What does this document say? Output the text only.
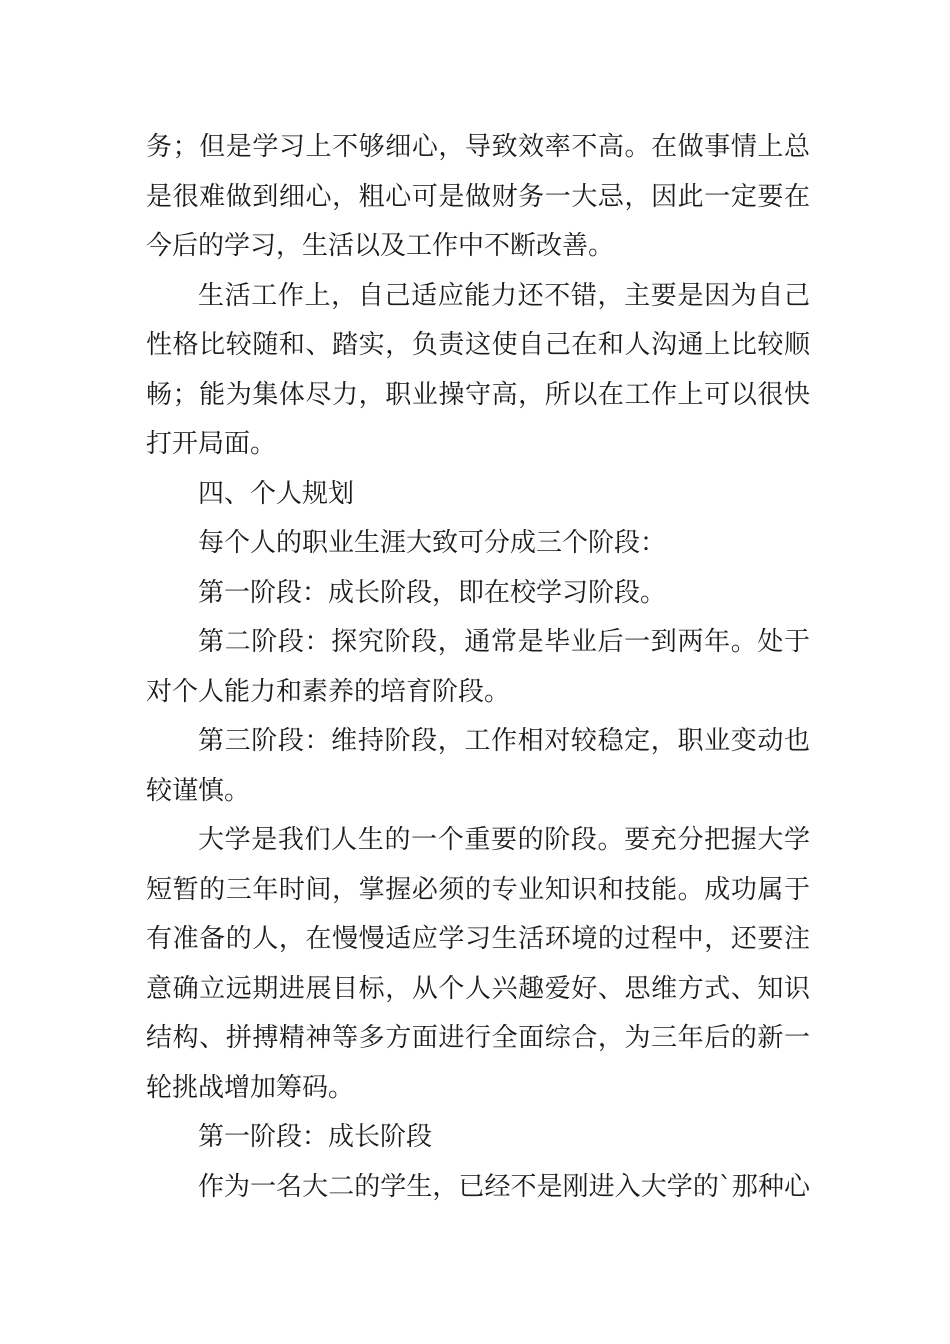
务；但是学习上不够细心，导致效率不高。在做事情上总
是很难做到细心，粗心可是做财务一大忌，因此一定要在
今后的学习，生活以及工作中不断改善。
生活工作上，自己适应能力还不错，主要是因为自己
性格比较随和、踏实，负责这使自己在和人沟通上比较顺
畅；能为集体尽力，职业操守高，所以在工作上可以很快
打开局面。
四、个人规划
每个人的职业生涯大致可分成三个阶段：
第一阶段：成长阶段，即在校学习阶段。
第二阶段：探究阶段，通常是毕业后一到两年。处于
对个人能力和素养的培育阶段。
第三阶段：维持阶段，工作相对较稳定，职业变动也
较谨慎。
大学是我们人生的一个重要的阶段。要充分把握大学
短暂的三年时间，掌握必须的专业知识和技能。成功属于
有准备的人，在慢慢适应学习生活环境的过程中，还要注
意确立远期进展目标，从个人兴趣爱好、思维方式、知识
结构、拼搏精神等多方面进行全面综合，为三年后的新一
轮挑战增加筹码。
第一阶段：成长阶段
作为一名大二的学生，已经不是刚进入大学的`那种心
